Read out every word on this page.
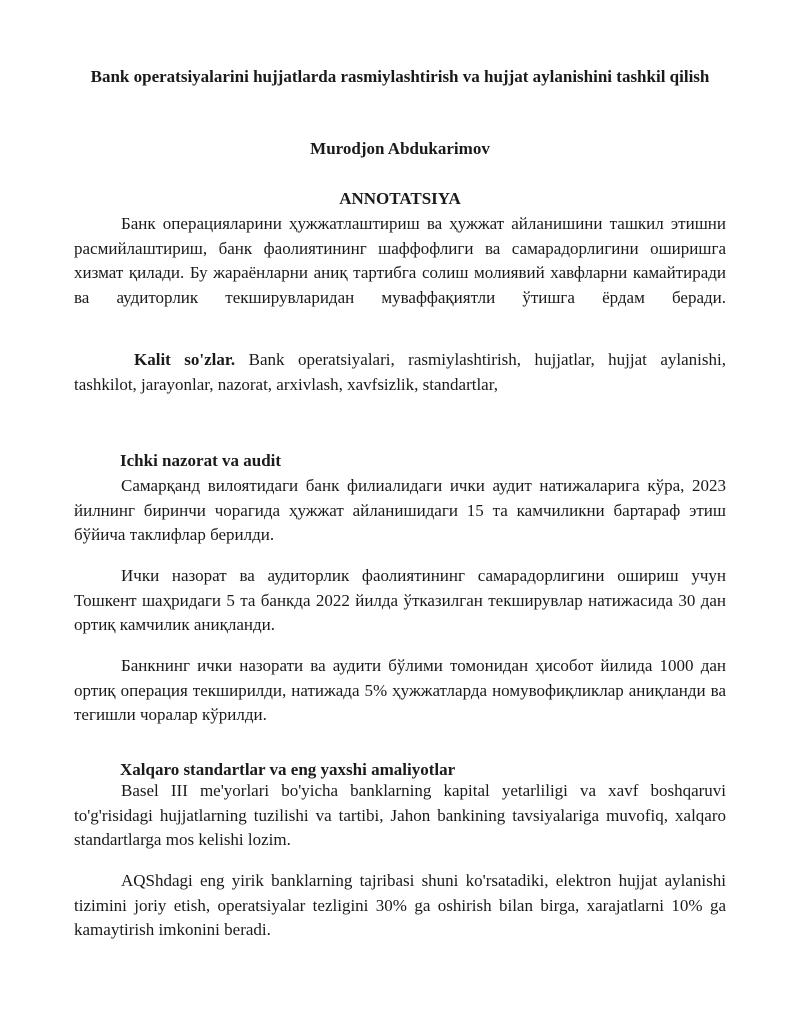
Bank operatsiyalarini hujjatlarda rasmiylashtirish va hujjat aylanishini tashkil qilish
Murodjon Abdukarimov
ANNOTATSIYA

Банк операцияларини ҳужжатлаштириш ва ҳужжат айланишини ташкил этишни расмийлаштириш, банк фаолиятининг шаффофлиги ва самарадорлигини оширишга хизмат қилади. Бу жараёнларни аниқ тартибга солиш молиявий хавфларни камайтиради ва аудиторлик текширувларидан муваффақиятли ўтишга ёрдам беради.

Kalit so'zlar. Bank operatsiyalari, rasmiylashtirish, hujjatlar, hujjat aylanishi, tashkilot, jarayonlar, nazorat, arxivlash, xavfsizlik, standartlar,

Ichki nazorat va audit

Самарқанд вилоятидаги банк филиалидаги ички аудит натижаларига кўра, 2023 йилнинг биринчи чорагида ҳужжат айланишидаги 15 та камчиликни бартараф этиш бўйича таклифлар берилди.

Ички назорат ва аудиторлик фаолиятининг самарадорлигини ошириш учун Тошкент шаҳридаги 5 та банкда 2022 йилда ўтказилган текширувлар натижасида 30 дан ортиқ камчилик аниқланди.

Банкнинг ички назорати ва аудити бўлими томонидан ҳисобот йилида 1000 дан ортиқ операция текширилди, натижада 5% ҳужжатларда номувофиқликлар аниқланди ва тегишли чоралар кўрилди.

Xalqaro standartlar va eng yaxshi amaliyotlar

Basel III me'yorlari bo'yicha banklarning kapital yetarliligi va xavf boshqaruvi to'g'risidagi hujjatlarning tuzilishi va tartibi, Jahon bankining tavsiyalariga muvofiq, xalqaro standartlarga mos kelishi lozim.

AQShdagi eng yirik banklarning tajribasi shuni ko'rsatadiki, elektron hujjat aylanishi tizimini joriy etish, operatsiyalar tezligini 30% ga oshirish bilan birga, xarajatlarni 10% ga kamaytirish imkonini beradi.
